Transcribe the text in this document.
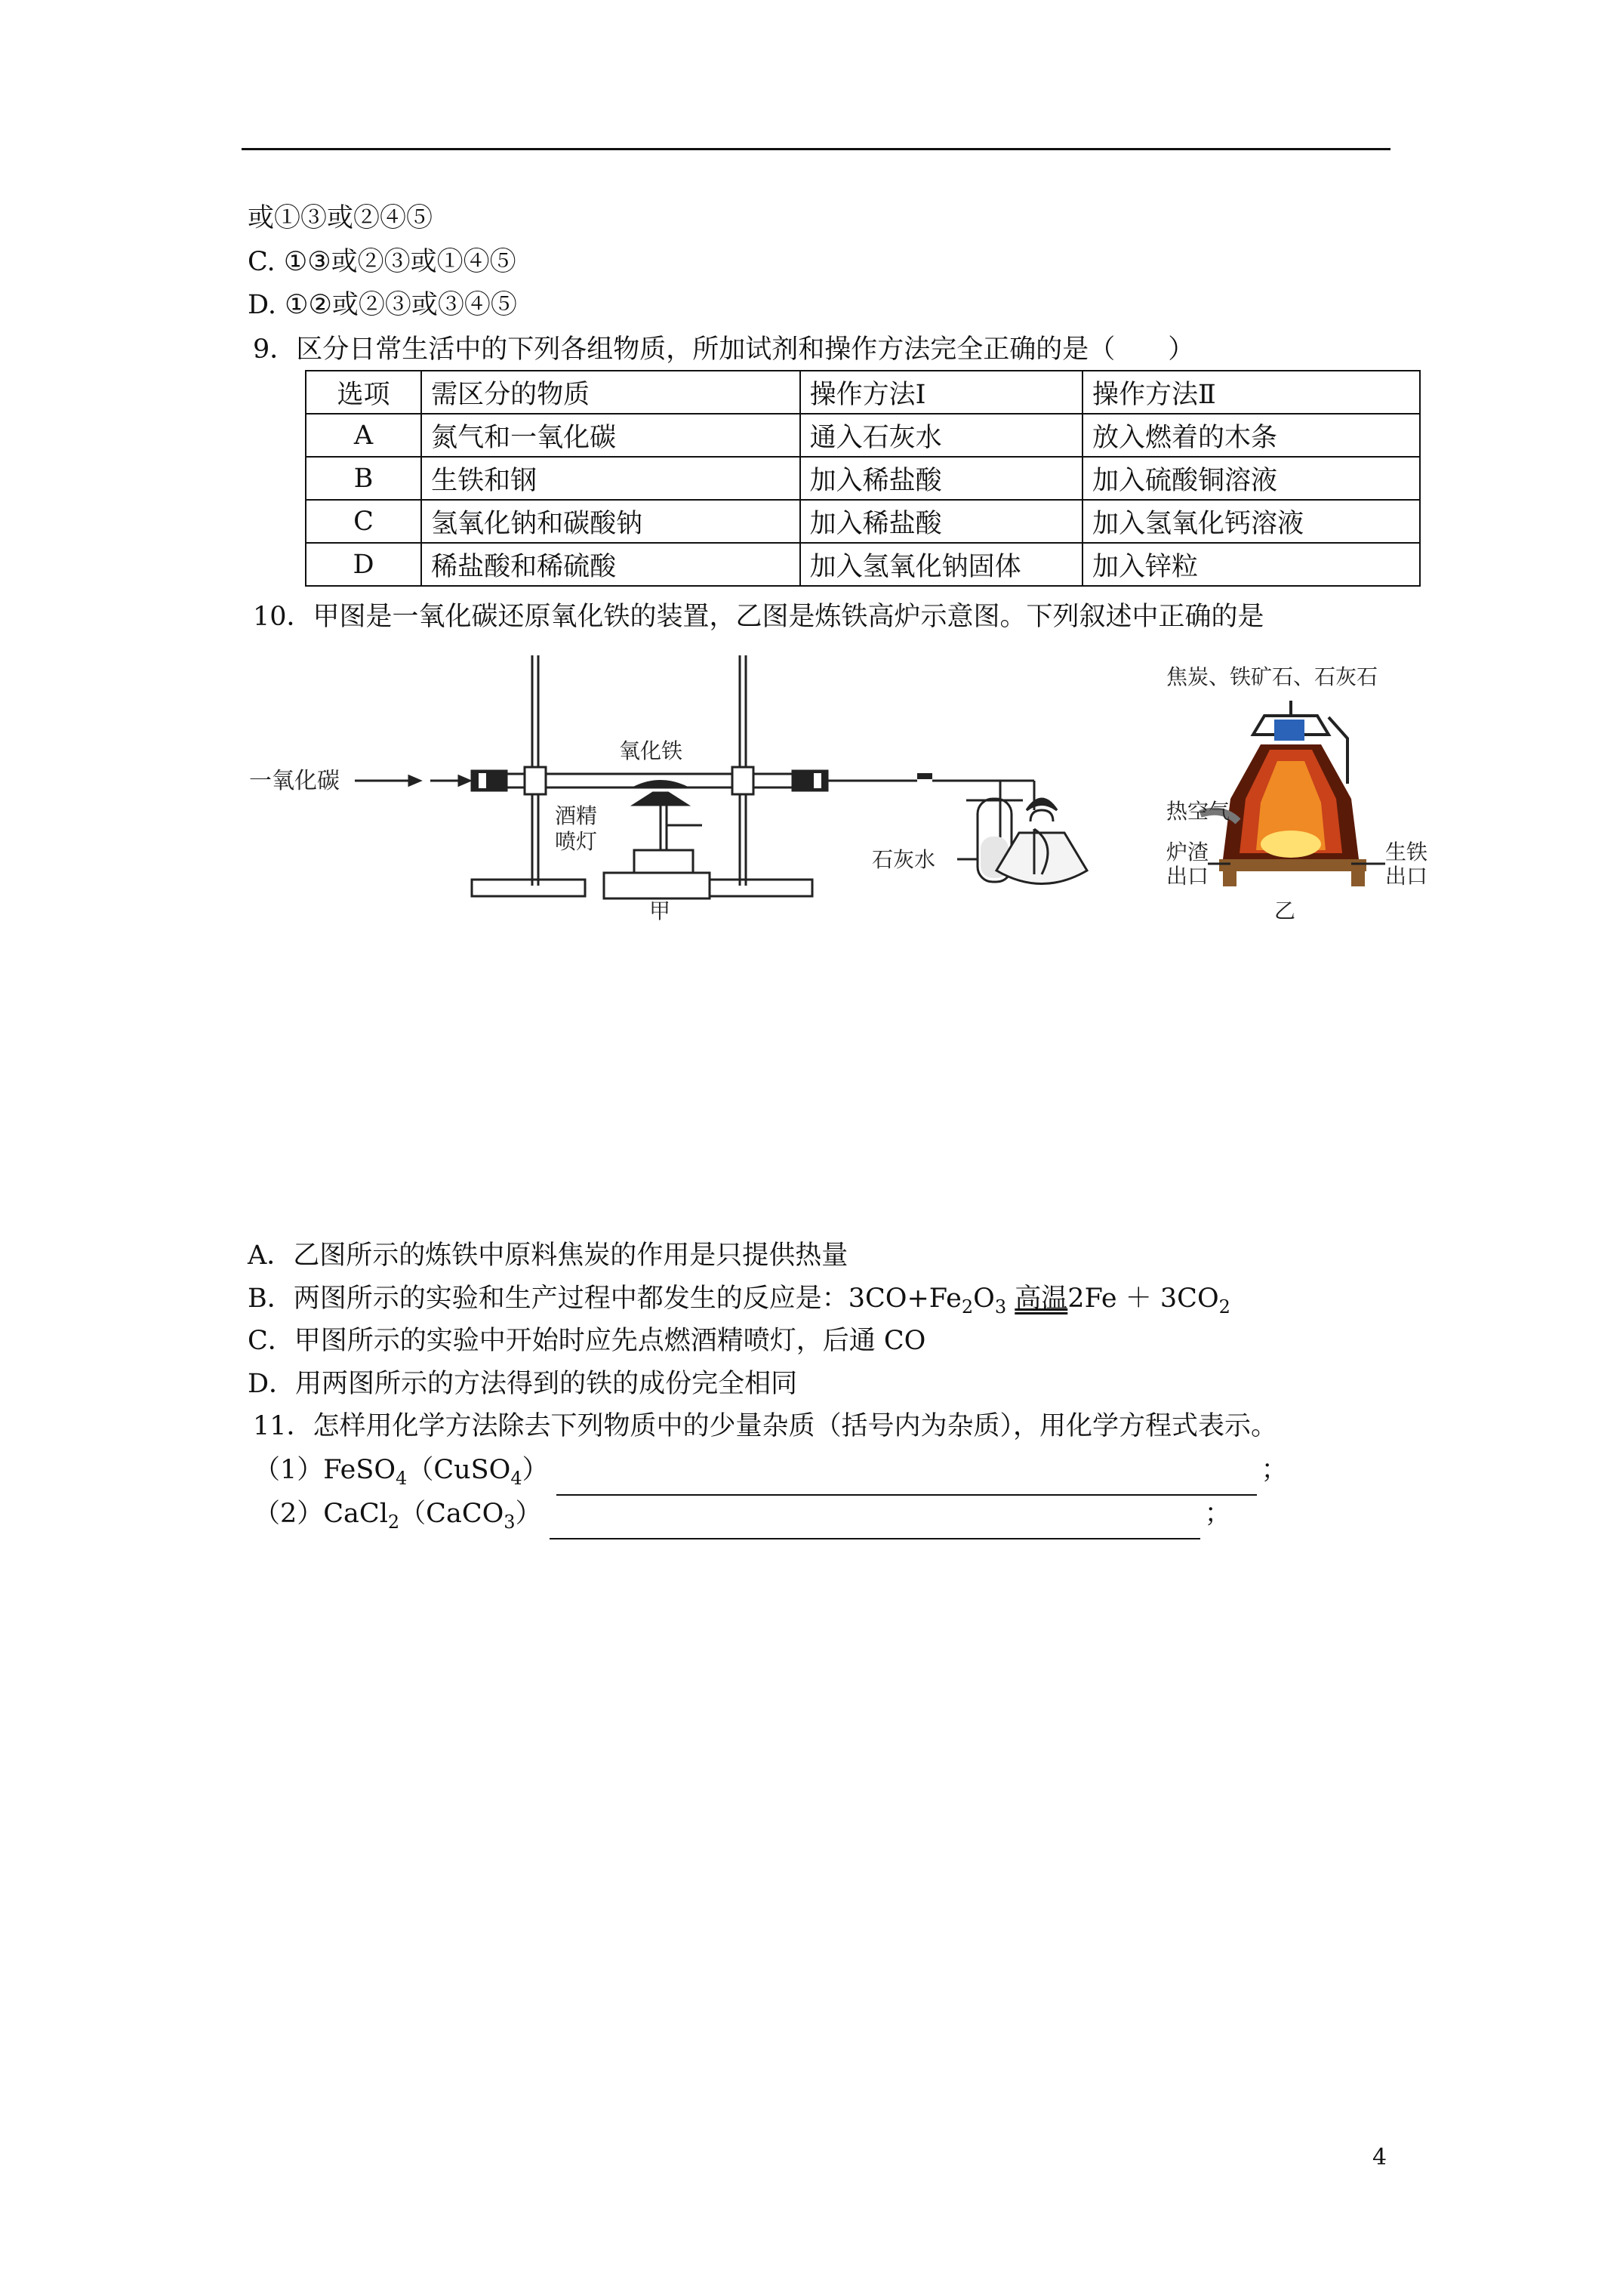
或①③或②④⑤
C. ①③或②③或①④⑤
D. ①②或②③或③④⑤
9．区分日常生活中的下列各组物质，所加试剂和操作方法完全正确的是（　　）
选项	需区分的物质	操作方法Ⅰ	操作方法Ⅱ
A	氮气和一氧化碳	通入石灰水	放入燃着的木条
B	生铁和钢	加入稀盐酸	加入硫酸铜溶液
C	氢氧化钠和碳酸钠	加入稀盐酸	加入氢氧化钙溶液
D	稀盐酸和稀硫酸	加入氢氧化钠固体	加入锌粒
10．甲图是一氧化碳还原氧化铁的装置，乙图是炼铁高炉示意图。下列叙述中正确的是
一氧化碳
氧化铁
酒精
喷灯
石灰水
甲
焦炭、铁矿石、石灰石
热空气
炉渣
出口
生铁
出口
乙
A．乙图所示的炼铁中原料焦炭的作用是只提供热量
B．两图所示的实验和生产过程中都发生的反应是：$3CO+Fe_2O_3$ 高温$2Fe + 3CO_2$
C．甲图所示的实验中开始时应先点燃酒精喷灯，后通 CO
D．用两图所示的方法得到的铁的成份完全相同
11．怎样用化学方法除去下列物质中的少量杂质（括号内为杂质），用化学方程式表示。
（1）FeSO$_4$（CuSO$_4$）	；
（2）CaCl$_2$（CaCO$_3$）	；
4
